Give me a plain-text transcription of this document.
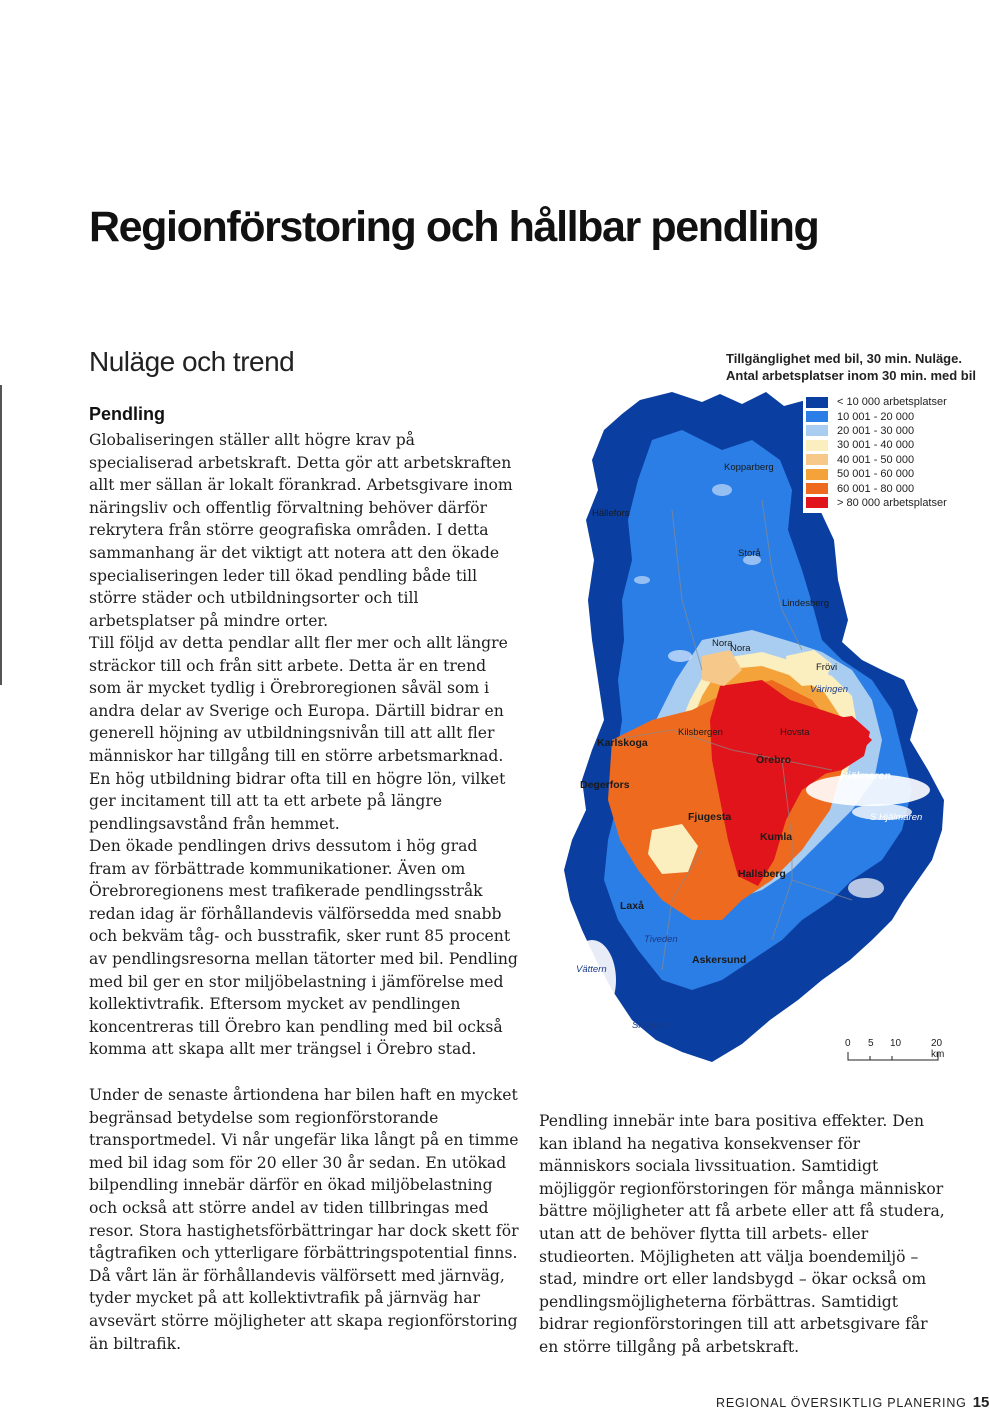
Regionförstoring och hållbar pendling
Nuläge och trend

Pendling

Globaliseringen ställer allt högre krav på specialiserad arbetskraft. Detta gör att arbetskraften allt mer sällan är lokalt förankrad. Arbetsgivare inom näringsliv och offentlig förvaltning behöver därför rekrytera från större geografiska områden. I detta sammanhang är det viktigt att notera att den ökade specialiseringen leder till ökad pendling både till större städer och utbildningsorter och till arbetsplatser på mindre orter.

Till följd av detta pendlar allt fler mer och allt längre sträckor till och från sitt arbete. Detta är en trend som är mycket tydlig i Örebroregionen såväl som i andra delar av Sverige och Europa. Därtill bidrar en generell höjning av utbildningsnivån till att allt fler människor har tillgång till en större arbetsmarknad. En hög utbildning bidrar ofta till en högre lön, vilket ger incitament till att ta ett arbete på längre pendlingsavstånd från hemmet.

Den ökade pendlingen drivs dessutom i hög grad fram av förbättrade kommunikationer. Även om Örebroregionens mest trafikerade pendlingsstråk redan idag är förhållandevis välförsedda med snabb och bekväm tåg- och busstrafik, sker runt 85 procent av pendlingsresorna mellan tätorter med bil. Pendling med bil ger en stor miljöbelastning i jämförelse med kollektivtrafik. Eftersom mycket av pendlingen koncentreras till Örebro kan pendling med bil också komma att skapa allt mer trängsel i Örebro stad.

Under de senaste årtiondena har bilen haft en mycket begränsad betydelse som regionförstorande transportmedel. Vi når ungefär lika långt på en timme med bil idag som för 20 eller 30 år sedan. En utökad bilpendling innebär därför en ökad miljöbelastning och också att större andel av tiden tillbringas med resor. Stora hastighetsförbättringar har dock skett för tågtrafiken och ytterligare förbättringspotential finns. Då vårt län är förhållandevis välförsett med järnväg, tyder mycket på att kollektivtrafik på järnväg har avsevärt större möjligheter att skapa regionförstoring än biltrafik.

Pendling innebär inte bara positiva effekter. Den kan ibland ha negativa konsekvenser för människors sociala livssituation. Samtidigt möjliggör regionförstoringen för många människor bättre möjligheter att få arbete eller att få studera, utan att de behöver flytta till arbets- eller studieorten. Möjligheten att välja boendemiljö – stad, mindre ort eller landsbygd – ökar också om pendlingsmöjligheterna förbättras. Samtidigt bidrar regionförstoringen till att arbetsgivare får en större tillgång på arbetskraft.

Tillgänglighet med bil, 30 min. Nuläge.
Antal arbetsplatser inom 30 min. med bil
Hällefors
Kopparberg
Storå
Lindesberg
Nora
Nora
Frövi
Väringen
Karlskoga
Kilsbergen	Hovsta
Örebro
Hjälmaren
Degerfors
Fjugesta	S Hjälmaren
Kumla
Hallsberg
Laxå
Tiveden
Askersund
Vättern
Skagern
< 10 000 arbetsplatser
10 001 - 20 000
20 001 - 30 000
30 001 - 40 000
40 001 - 50 000
50 001 - 60 000
60 001 - 80 000
> 80 000 arbetsplatser
0 5 10	20 km
REGIONAL ÖVERSIKTLIG PLANERING 15
